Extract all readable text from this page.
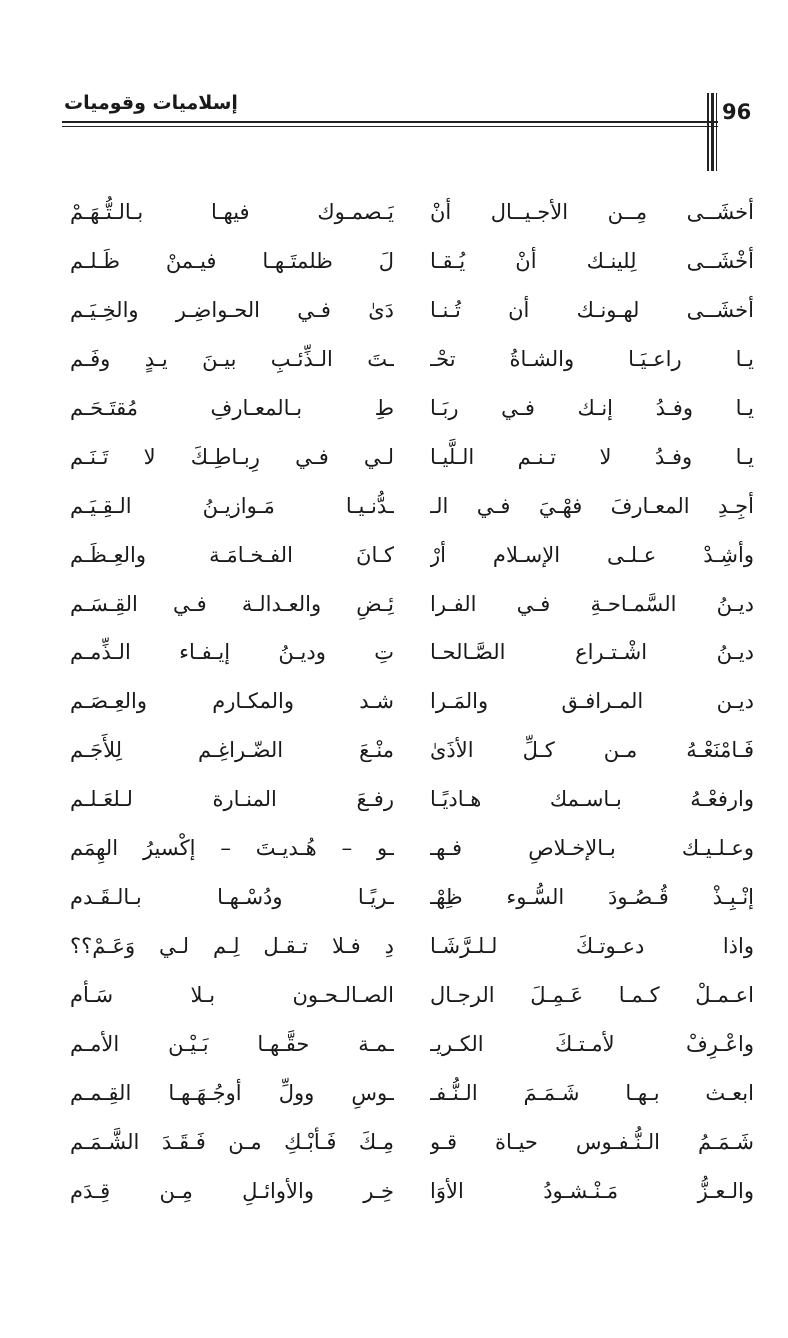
إسلاميات وقوميات	96
أخشَــى مِــن الأجـيــال أنْ
يَـصمـوك فيهـا بـالـتُّـهَـمْ
أخْشَــى لِلينـك أنْ يُـقـا
لَ ظلمتَـهـا فيـمنْ ظَـلـم
أخشَــى لهـونـك أن تُـنـا
دَىٰ فـي الحـواضِـر والخِـيَـم
يـا راعـيَـا والشـاةُ تحْـ
ـتَ الـذِّئـبِ بيـنَ يـدٍ وفَـم
يـا وفـدُ إنـك فـي ربَـا
طِ بـالمعـارفِ مُقتَـحَـم
يـا وفـدُ لا تـنـم الـلَّيـا
لـي فـي رِبـاطِـكَ لا تَـنَـم
أجِـدِ المعـارفَ فهْـيَ فـي الـ
ـدُّنـيـا مَـوازيـنُ الـقِـيَـم
وأشِـدْ عـلـى الإسـلام أرْ
كـانَ الفـخـامَـة والعِـظَـم
ديـنُ السَّمـاحـةِ فـي الفـرا
ئِـضِ والعـدالـة فـي القِـسَـم
ديـنُ اشْـتـراع الصَّـالحـا
تِ وديـنُ إيـفـاء الـذِّمـم
ديـن المـرافـق والمَـرا
شـد والمكـارم والعِـصَـم
فَـامْنَعْـهُ مـن كـلِّ الأذَىٰ
منْـعَ الضّـراغِـم لِلأَجَـم
وارفعْـهُ بـاسـمك هـاديًـا
رفـعَ المنـارة لـلعَـلـم
وعـلـيـك بـالإخـلاصِ فـهـ
ـو – هُـديـتَ – إكْسيرُ الهِمَم
إنْـبِـذْ قُـصُـودَ السُّـوء ظِهْـ
ـريًـا ودُسْـهـا بـالـقَـدم
واذا دعـوتـكَ لـلـرَّشَـا
دِ فـلا تـقـل لِـم لـي وَعَـمْ؟؟
اعـمـلْ كـمـا عَـمِـلَ الرجـال
الصـالـحـون بـلا سَـأم
واعْـرِفْ لأمـتـكَ الكـريـ
ـمـة حقَّـهـا بَـيْـن الأمـم
ابعـث بـهـا شَـمَـمَ الـنُّـفـ
ـوسِ وولِّ أوجُـهَـهـا القِـمـم
شَـمَـمُ الـنُّـفـوس حيـاة قـو
مِـكَ فَـأبْـكِ مـن فَـقَـدَ الشَّـمَـم
والـعـزُّ مَـنْـشـودُ الأوَا
خِـر والأوائـلِ مِـن قِـدَم
